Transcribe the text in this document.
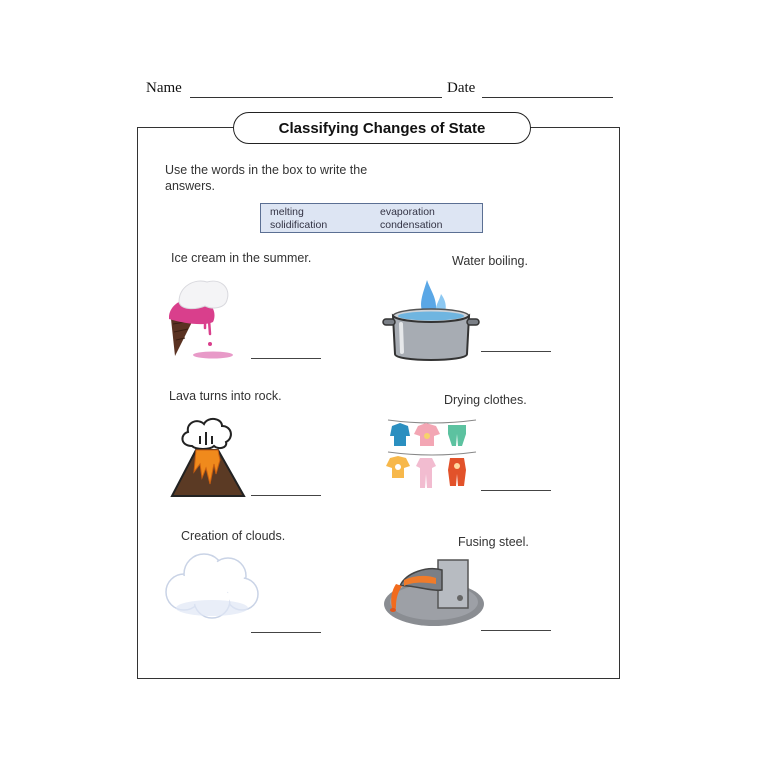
Name	Date
Classifying Changes of State
Use the words in the box to write the answers.
melting	evaporation
solidification	condensation
Ice cream in the summer.	Water boiling.
Lava turns into rock.	Drying clothes.
Creation of clouds.	Fusing steel.
